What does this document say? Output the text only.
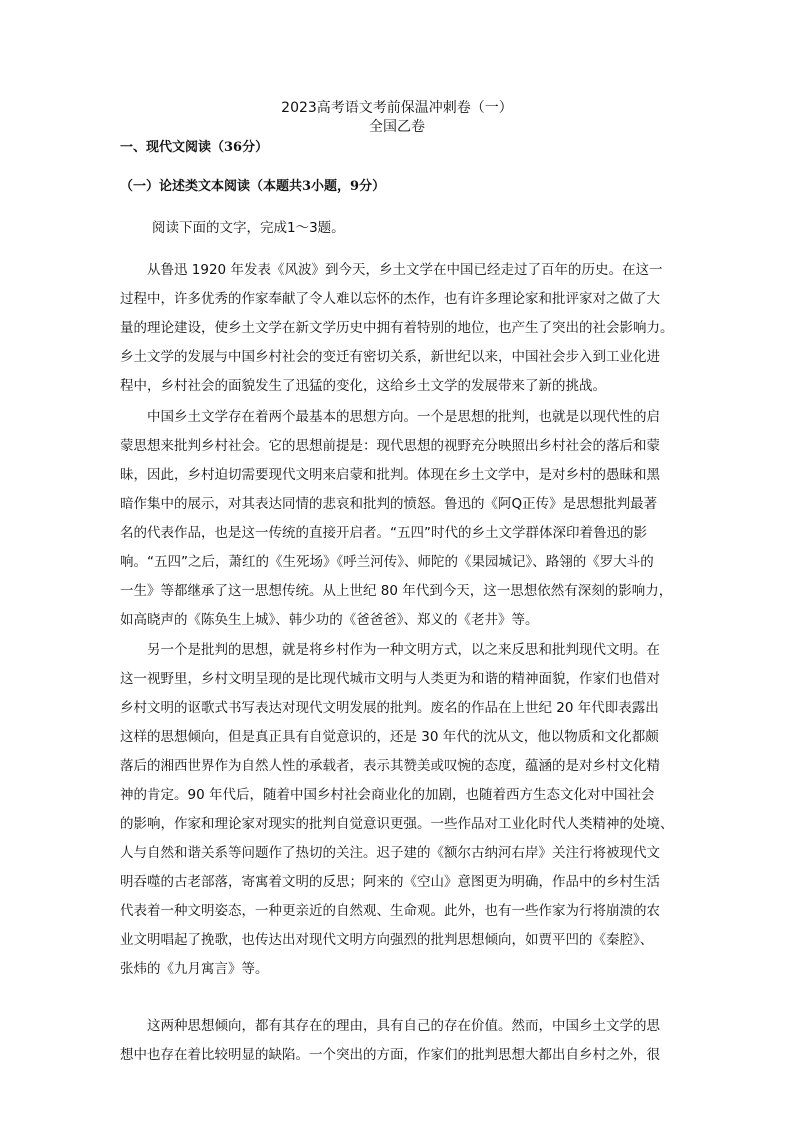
2023高考语文考前保温冲刺卷（一）
全国乙卷
一、现代文阅读（36分）
（一）论述类文本阅读（本题共3小题，9分）
阅读下面的文字，完成1～3题。
从鲁迅 1920 年发表《风波》到今天，乡土文学在中国已经走过了百年的历史。在这一
过程中，许多优秀的作家奉献了令人难以忘怀的杰作，也有许多理论家和批评家对之做了大
量的理论建设，使乡土文学在新文学历史中拥有着特别的地位，也产生了突出的社会影响力。
乡土文学的发展与中国乡村社会的变迁有密切关系，新世纪以来，中国社会步入到工业化进
程中，乡村社会的面貌发生了迅猛的变化，这给乡土文学的发展带来了新的挑战。
中国乡土文学存在着两个最基本的思想方向。一个是思想的批判，也就是以现代性的启
蒙思想来批判乡村社会。它的思想前提是：现代思想的视野充分映照出乡村社会的落后和蒙
昧，因此，乡村迫切需要现代文明来启蒙和批判。体现在乡土文学中，是对乡村的愚昧和黑
暗作集中的展示，对其表达同情的悲哀和批判的愤怒。鲁迅的《阿Q正传》是思想批判最著
名的代表作品，也是这一传统的直接开启者。“五四”时代的乡土文学群体深印着鲁迅的影
响。“五四”之后，萧红的《生死场》《呼兰河传》、师陀的《果园城记》、路翎的《罗大斗的
一生》等都继承了这一思想传统。从上世纪 80 年代到今天，这一思想依然有深刻的影响力，
如高晓声的《陈奂生上城》、韩少功的《爸爸爸》、郑义的《老井》等。
另一个是批判的思想，就是将乡村作为一种文明方式，以之来反思和批判现代文明。在
这一视野里，乡村文明呈现的是比现代城市文明与人类更为和谐的精神面貌，作家们也借对
乡村文明的讴歌式书写表达对现代文明发展的批判。废名的作品在上世纪 20 年代即表露出
这样的思想倾向，但是真正具有自觉意识的，还是 30 年代的沈从文，他以物质和文化都颇
落后的湘西世界作为自然人性的承载者，表示其赞美或叹惋的态度，蕴涵的是对乡村文化精
神的肯定。90 年代后，随着中国乡村社会商业化的加剧，也随着西方生态文化对中国社会
的影响，作家和理论家对现实的批判自觉意识更强。一些作品对工业化时代人类精神的处境、
人与自然和谐关系等问题作了热切的关注。迟子建的《额尔古纳河右岸》关注行将被现代文
明吞噬的古老部落，寄寓着文明的反思；阿来的《空山》意图更为明确，作品中的乡村生活
代表着一种文明姿态，一种更亲近的自然观、生命观。此外，也有一些作家为行将崩溃的农
业文明唱起了挽歌，也传达出对现代文明方向强烈的批判思想倾向，如贾平凹的《秦腔》、
张炜的《九月寓言》等。
这两种思想倾向，都有其存在的理由，具有自己的存在价值。然而，中国乡土文学的思
想中也存在着比较明显的缺陷。一个突出的方面，作家们的批判思想大都出自乡村之外，很
